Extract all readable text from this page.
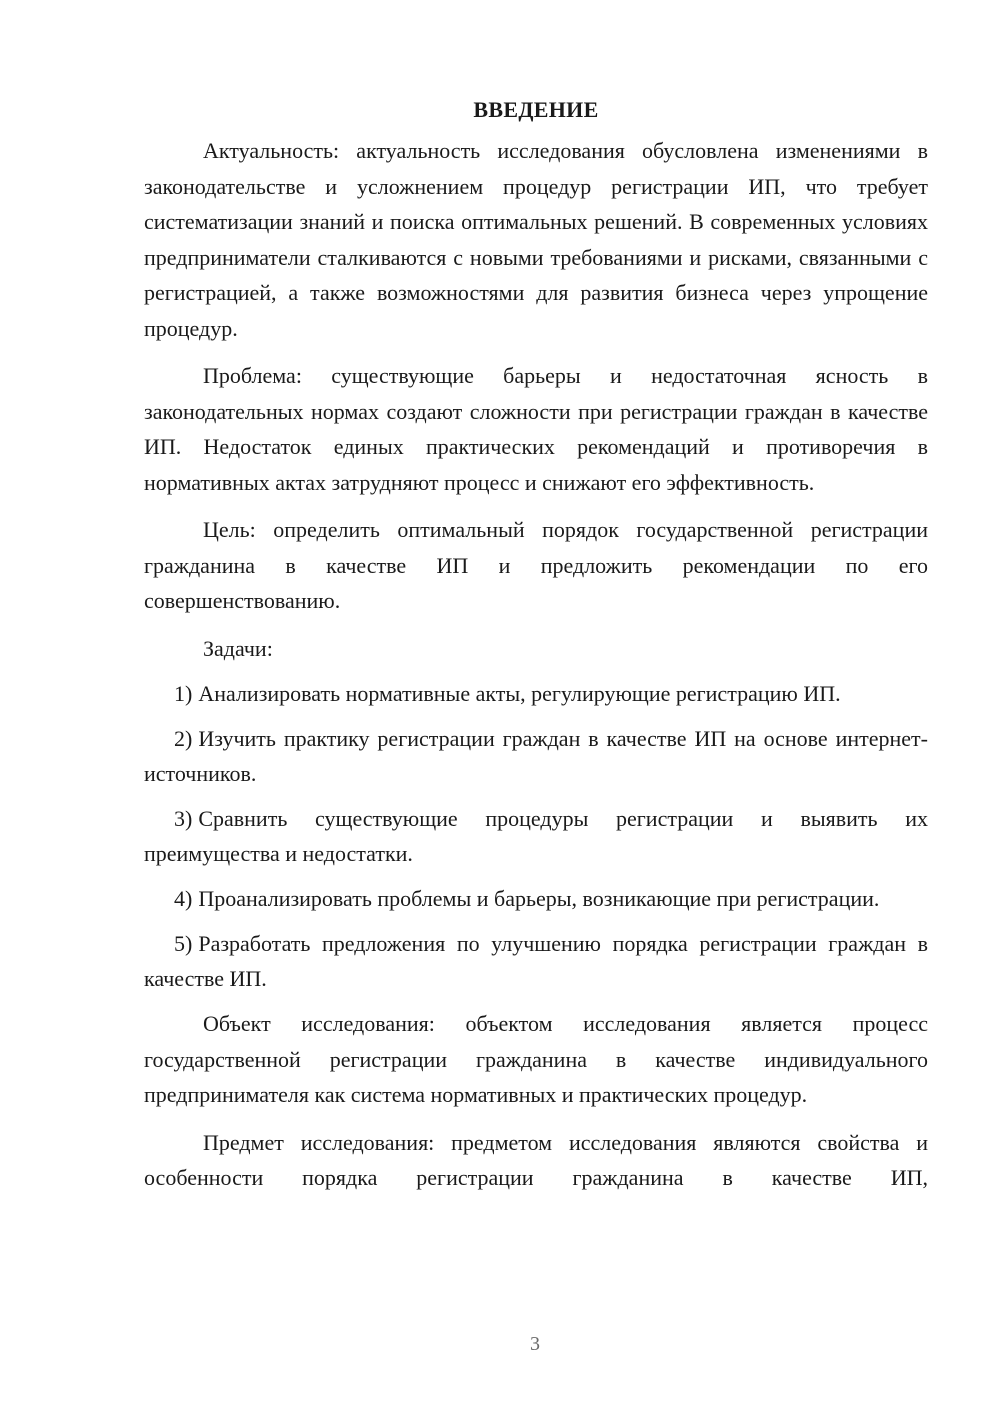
ВВЕДЕНИЕ

Актуальность: актуальность исследования обусловлена изменениями в законодательстве и усложнением процедур регистрации ИП, что требует систематизации знаний и поиска оптимальных решений. В современных условиях предприниматели сталкиваются с новыми требованиями и рисками, связанными с регистрацией, а также возможностями для развития бизнеса через упрощение процедур.

Проблема: существующие барьеры и недостаточная ясность в законодательных нормах создают сложности при регистрации граждан в качестве ИП. Недостаток единых практических рекомендаций и противоречия в нормативных актах затрудняют процесс и снижают его эффективность.

Цель: определить оптимальный порядок государственной регистрации гражданина в качестве ИП и предложить рекомендации по его совершенствованию.

Задачи:

1) Анализировать нормативные акты, регулирующие регистрацию ИП.

2) Изучить практику регистрации граждан в качестве ИП на основе интернет-источников.

3) Сравнить существующие процедуры регистрации и выявить их преимущества и недостатки.

4) Проанализировать проблемы и барьеры, возникающие при регистрации.

5) Разработать предложения по улучшению порядка регистрации граждан в качестве ИП.

Объект исследования: объектом исследования является процесс государственной регистрации гражданина в качестве индивидуального предпринимателя как система нормативных и практических процедур.

Предмет исследования: предметом исследования являются свойства и особенности порядка регистрации гражданина в качестве ИП,

3
